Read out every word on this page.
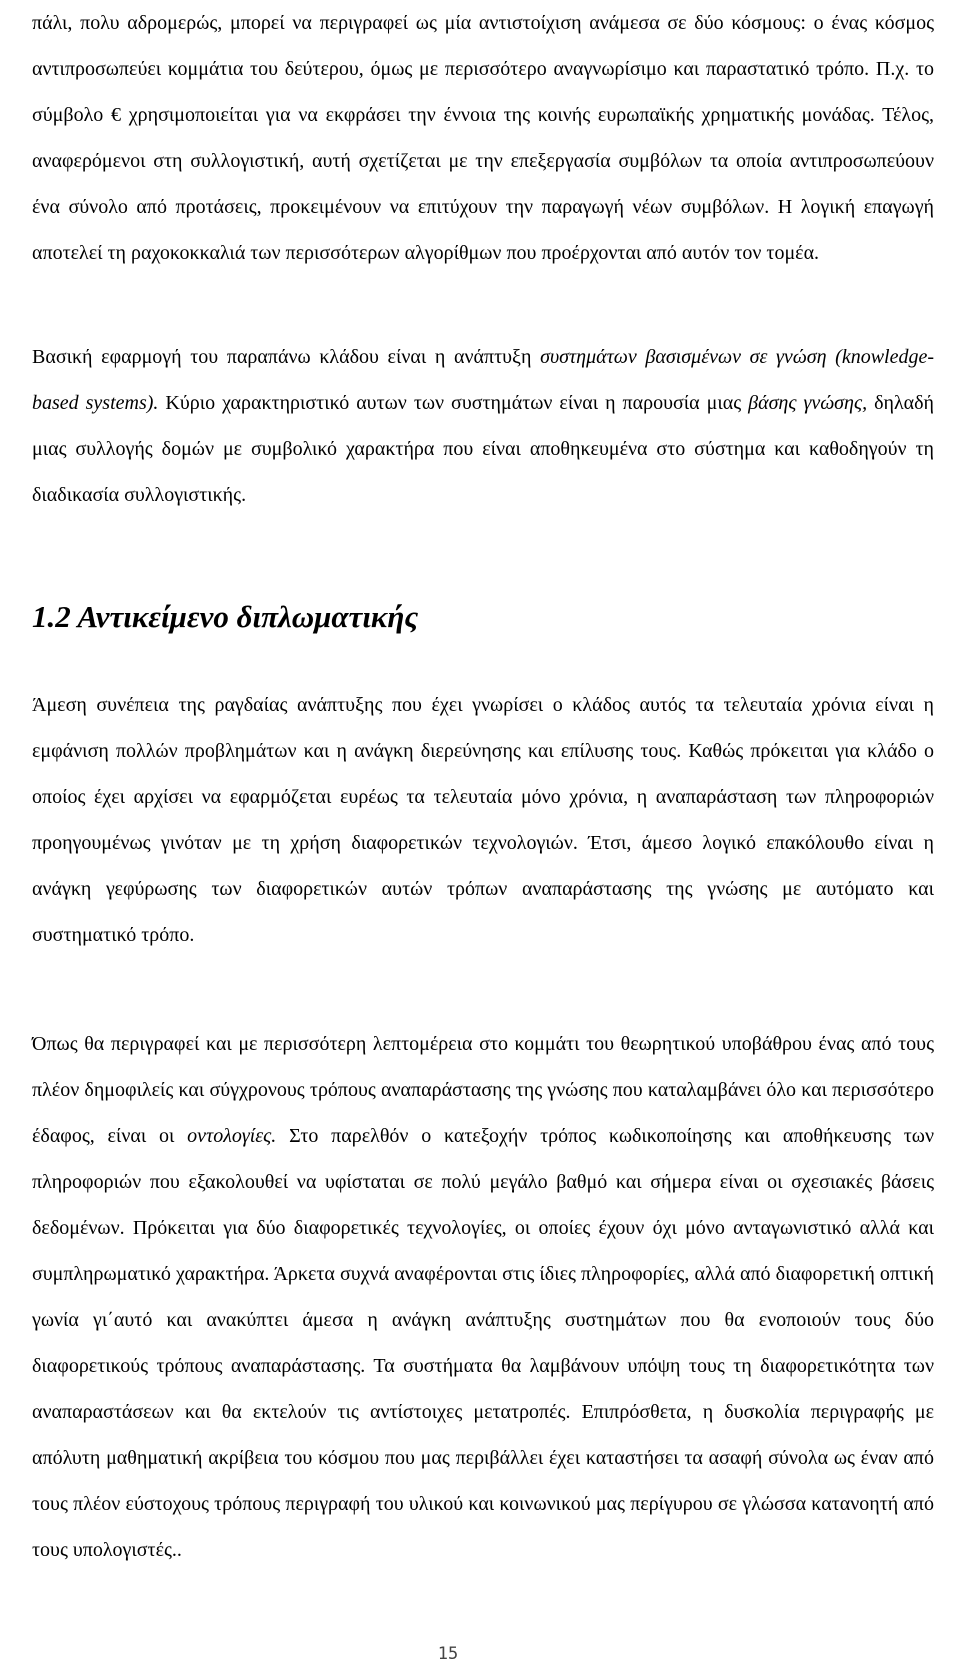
πάλι, πολυ αδρομερώς, μπορεί να περιγραφεί ως μία αντιστοίχιση ανάμεσα σε δύο κόσμους: ο ένας κόσμος αντιπροσωπεύει κομμάτια του δεύτερου, όμως με περισσότερο αναγνωρίσιμο και παραστατικό τρόπο. Π.χ. το σύμβολο € χρησιμοποιείται για να εκφράσει την έννοια της κοινής ευρωπαϊκής χρηματικής μονάδας. Τέλος, αναφερόμενοι στη συλλογιστική, αυτή σχετίζεται με την επεξεργασία συμβόλων τα οποία αντιπροσωπεύουν ένα σύνολο από προτάσεις, προκειμένουν να επιτύχουν την παραγωγή νέων συμβόλων. Η λογική επαγωγή αποτελεί τη ραχοκοκκαλιά των περισσότερων αλγορίθμων που προέρχονται από αυτόν τον τομέα.

Βασική εφαρμογή του παραπάνω κλάδου είναι η ανάπτυξη συστημάτων βασισμένων σε γνώση (knowledge-based systems). Κύριο χαρακτηριστικό αυτων των συστημάτων είναι η παρουσία μιας βάσης γνώσης, δηλαδή μιας συλλογής δομών με συμβολικό χαρακτήρα που είναι αποθηκευμένα στο σύστημα και καθοδηγούν τη διαδικασία συλλογιστικής.

1.2 Αντικείμενο διπλωματικής

Άμεση συνέπεια της ραγδαίας ανάπτυξης που έχει γνωρίσει ο κλάδος αυτός τα τελευταία χρόνια είναι η εμφάνιση πολλών προβλημάτων και η ανάγκη διερεύνησης και επίλυσης τους. Καθώς πρόκειται για κλάδο ο οποίος έχει αρχίσει να εφαρμόζεται ευρέως τα τελευταία μόνο χρόνια, η αναπαράσταση των πληροφοριών προηγουμένως γινόταν με τη χρήση διαφορετικών τεχνολογιών. Έτσι, άμεσο λογικό επακόλουθο είναι η ανάγκη γεφύρωσης των διαφορετικών αυτών τρόπων αναπαράστασης της γνώσης με αυτόματο και συστηματικό τρόπο.

Όπως θα περιγραφεί και με περισσότερη λεπτομέρεια στο κομμάτι του θεωρητικού υποβάθρου ένας από τους πλέον δημοφιλείς και σύγχρονους τρόπους αναπαράστασης της γνώσης που καταλαμβάνει όλο και περισσότερο έδαφος, είναι οι οντολογίες. Στο παρελθόν ο κατεξοχήν τρόπος κωδικοποίησης και αποθήκευσης των πληροφοριών που εξακολουθεί να υφίσταται σε πολύ μεγάλο βαθμό και σήμερα είναι οι σχεσιακές βάσεις δεδομένων. Πρόκειται για δύο διαφορετικές τεχνολογίες, οι οποίες έχουν όχι μόνο ανταγωνιστικό αλλά και συμπληρωματικό χαρακτήρα. Άρκετα συχνά αναφέρονται στις ίδιες πληροφορίες, αλλά από διαφορετική οπτική γωνία γι΄αυτό και ανακύπτει άμεσα η ανάγκη ανάπτυξης συστημάτων που θα ενοποιούν τους δύο διαφορετικούς τρόπους αναπαράστασης. Τα συστήματα θα λαμβάνουν υπόψη τους τη διαφορετικότητα των αναπαραστάσεων και θα εκτελούν τις αντίστοιχες μετατροπές. Επιπρόσθετα, η δυσκολία περιγραφής με απόλυτη μαθηματική ακρίβεια του κόσμου που μας περιβάλλει έχει καταστήσει τα ασαφή σύνολα ως έναν από τους πλέον εύστοχους τρόπους περιγραφή του υλικού και κοινωνικού μας περίγυρου σε γλώσσα κατανοητή από τους υπολογιστές..

15
